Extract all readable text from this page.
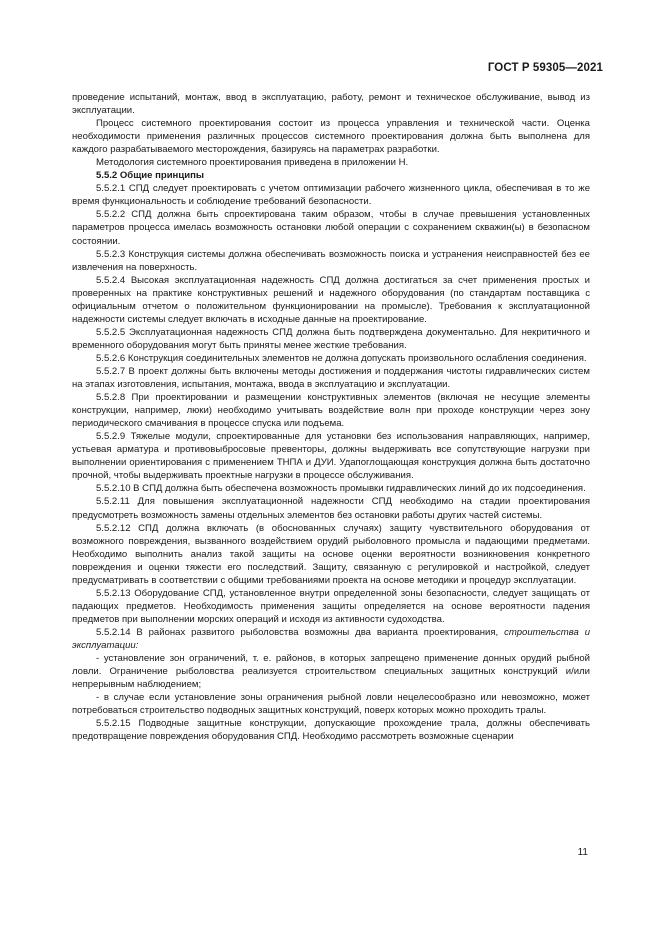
ГОСТ Р 59305—2021

проведение испытаний, монтаж, ввод в эксплуатацию, работу, ремонт и техническое обслуживание, вывод из эксплуатации.

Процесс системного проектирования состоит из процесса управления и технической части. Оценка необходимости применения различных процессов системного проектирования должна быть выполнена для каждого разрабатываемого месторождения, базируясь на параметрах разработки.

Методология системного проектирования приведена в приложении Н.

5.5.2 Общие принципы

5.5.2.1 СПД следует проектировать с учетом оптимизации рабочего жизненного цикла, обеспечивая в то же время функциональность и соблюдение требований безопасности.

5.5.2.2 СПД должна быть спроектирована таким образом, чтобы в случае превышения установленных параметров процесса имелась возможность остановки любой операции с сохранением скважин(ы) в безопасном состоянии.

5.5.2.3 Конструкция системы должна обеспечивать возможность поиска и устранения неисправностей без ее извлечения на поверхность.

5.5.2.4 Высокая эксплуатационная надежность СПД должна достигаться за счет применения простых и проверенных на практике конструктивных решений и надежного оборудования (по стандартам поставщика с официальным отчетом о положительном функционировании на промысле). Требования к эксплуатационной надежности системы следует включать в исходные данные на проектирование.

5.5.2.5 Эксплуатационная надежность СПД должна быть подтверждена документально. Для некритичного и временного оборудования могут быть приняты менее жесткие требования.

5.5.2.6 Конструкция соединительных элементов не должна допускать произвольного ослабления соединения.

5.5.2.7 В проект должны быть включены методы достижения и поддержания чистоты гидравлических систем на этапах изготовления, испытания, монтажа, ввода в эксплуатацию и эксплуатации.

5.5.2.8 При проектировании и размещении конструктивных элементов (включая не несущие элементы конструкции, например, люки) необходимо учитывать воздействие волн при проходе конструкции через зону периодического смачивания в процессе спуска или подъема.

5.5.2.9 Тяжелые модули, спроектированные для установки без использования направляющих, например, устьевая арматура и противовыбросовые превенторы, должны выдерживать все сопутствующие нагрузки при выполнении ориентирования с применением ТНПА и ДУИ. Удапоглощающая конструкция должна быть достаточно прочной, чтобы выдерживать проектные нагрузки в процессе обслуживания.

5.5.2.10 В СПД должна быть обеспечена возможность промывки гидравлических линий до их подсоединения.

5.5.2.11 Для повышения эксплуатационной надежности СПД необходимо на стадии проектирования предусмотреть возможность замены отдельных элементов без остановки работы других частей системы.

5.5.2.12 СПД должна включать (в обоснованных случаях) защиту чувствительного оборудования от возможного повреждения, вызванного воздействием орудий рыболовного промысла и падающими предметами. Необходимо выполнить анализ такой защиты на основе оценки вероятности возникновения конкретного повреждения и оценки тяжести его последствий. Защиту, связанную с регулировкой и настройкой, следует предусматривать в соответствии с общими требованиями проекта на основе методики и процедур эксплуатации.

5.5.2.13 Оборудование СПД, установленное внутри определенной зоны безопасности, следует защищать от падающих предметов. Необходимость применения защиты определяется на основе вероятности падения предметов при выполнении морских операций и исходя из активности судоходства.

5.5.2.14 В районах развитого рыболовства возможны два варианта проектирования, строительства и эксплуатации:

- установление зон ограничений, т. е. районов, в которых запрещено применение донных орудий рыбной ловли. Ограничение рыболовства реализуется строительством специальных защитных конструкций и/или непрерывным наблюдением;

- в случае если установление зоны ограничения рыбной ловли нецелесообразно или невозможно, может потребоваться строительство подводных защитных конструкций, поверх которых можно проходить тралы.

5.5.2.15 Подводные защитные конструкции, допускающие прохождение трала, должны обеспечивать предотвращение повреждения оборудования СПД. Необходимо рассмотреть возможные сценарии

11
